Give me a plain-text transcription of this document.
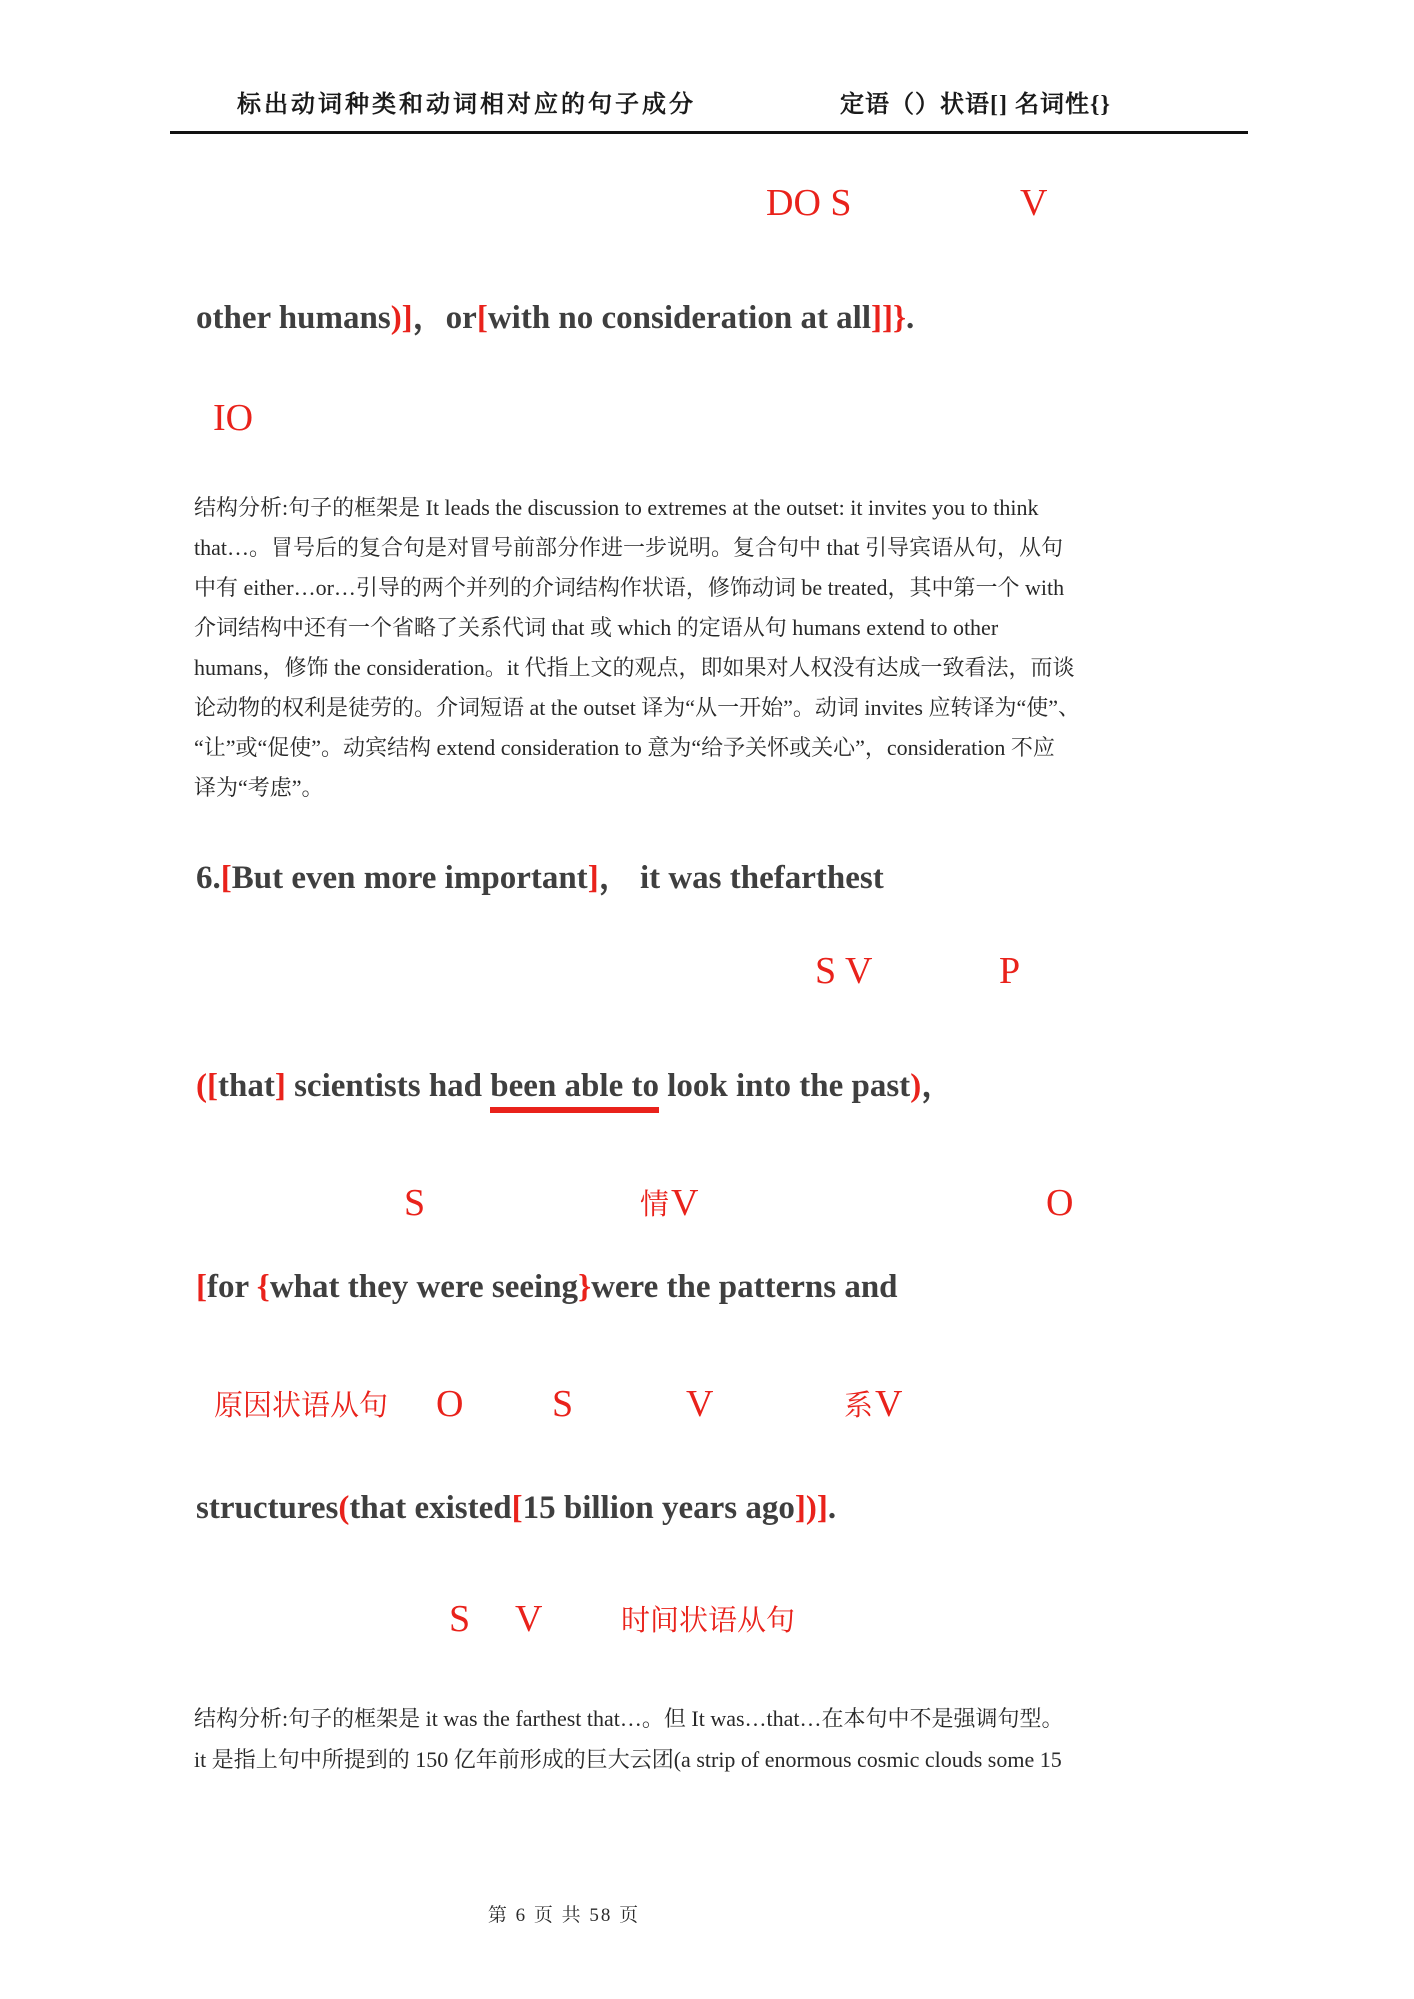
标出动词种类和动词相对应的句子成分	定语（）状语[] 名词性{}
DO S	V
other humans)]，or[with no consideration at all]]}.
IO
结构分析:句子的框架是 It leads the discussion to extremes at the outset: it invites you to think
that…。冒号后的复合句是对冒号前部分作进一步说明。复合句中 that 引导宾语从句，从句
中有 either…or…引导的两个并列的介词结构作状语，修饰动词 be treated，其中第一个 with
介词结构中还有一个省略了关系代词 that 或 which 的定语从句 humans extend to other
humans，修饰 the consideration。it 代指上文的观点，即如果对人权没有达成一致看法，而谈
论动物的权利是徒劳的。介词短语 at the outset 译为“从一开始”。动词 invites 应转译为“使”、
“让”或“促使”。动宾结构 extend consideration to 意为“给予关怀或关心”，consideration 不应
译为“考虑”。
6.[But even more important]， it was thefarthest
S V	P
([that] scientists had been able to look into the past)，
S	情 V	O
[for {what they were seeing}were the patterns and
原因状语从句 O S	V	系 V
structures(that existed[15 billion years ago])].
S V	时间状语从句
结构分析:句子的框架是 it was the farthest that…。但 It was…that…在本句中不是强调句型。
it 是指上句中所提到的 150 亿年前形成的巨大云团(a strip of enormous cosmic clouds some 15
第 6 页 共 58 页
